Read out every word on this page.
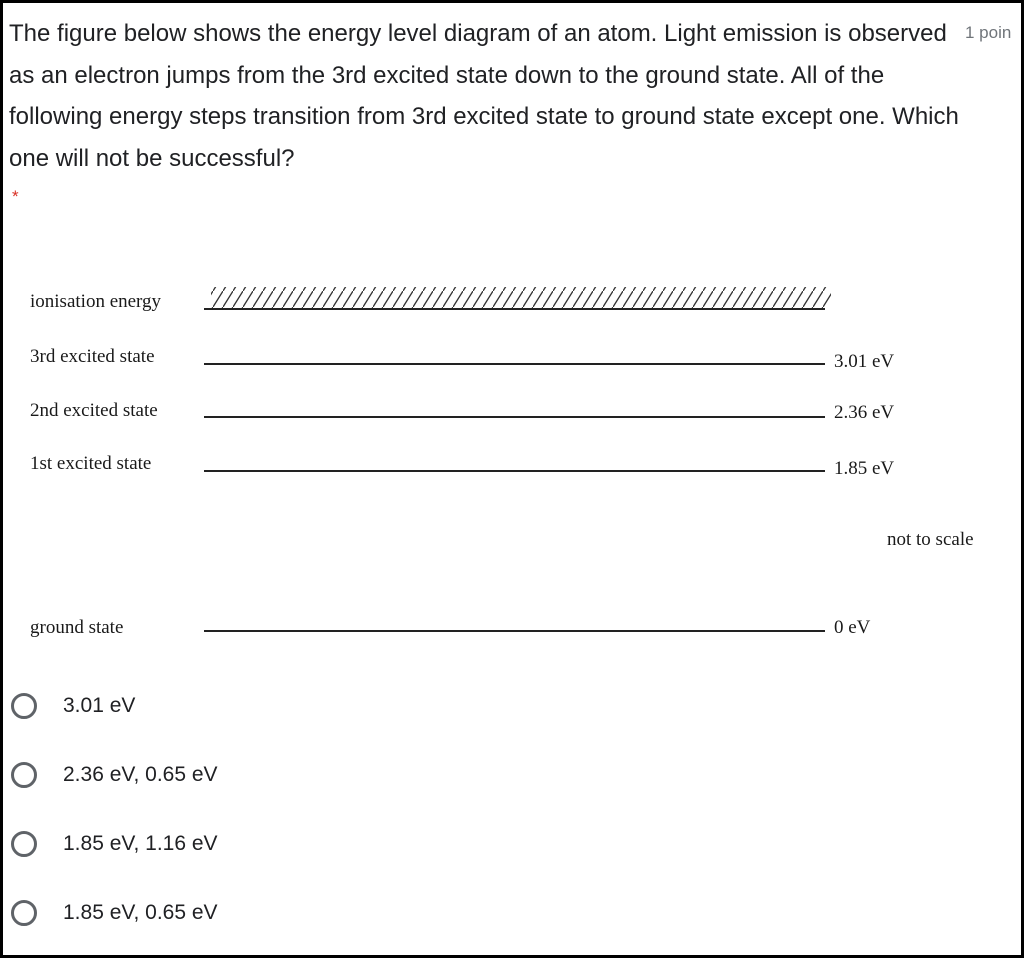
The figure below shows the energy level diagram of an atom. Light emission is observed as an electron jumps from the 3rd excited state down to the ground state. All of the following energy steps transition from 3rd excited state to ground state except one. Which one will not be successful?

1 poin
*
ionisation energy
3rd excited state	3.01 eV
2nd excited state	2.36 eV
1st excited state	1.85 eV
not to scale
ground state	0 eV
3.01 eV
2.36 eV, 0.65 eV
1.85 eV, 1.16 eV
1.85 eV, 0.65 eV
